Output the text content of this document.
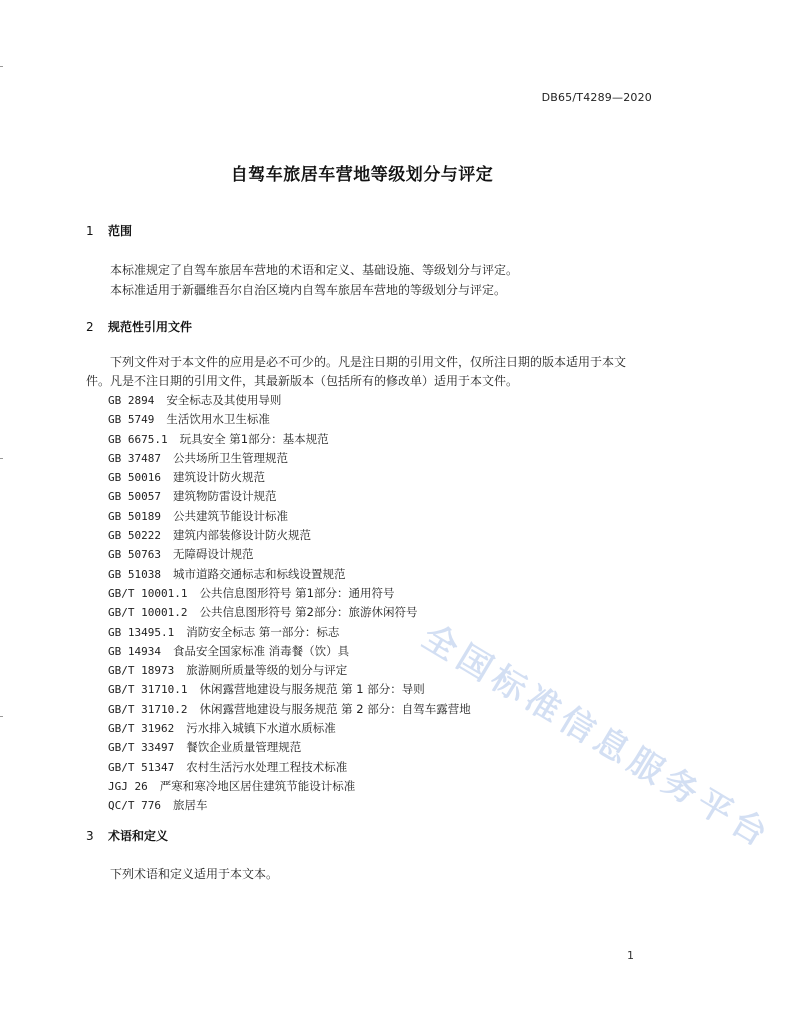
DB65/T4289—2020
自驾车旅居车营地等级划分与评定
1 范围
本标准规定了自驾车旅居车营地的术语和定义、基础设施、等级划分与评定。
本标准适用于新疆维吾尔自治区境内自驾车旅居车营地的等级划分与评定。
2 规范性引用文件
下列文件对于本文件的应用是必不可少的。凡是注日期的引用文件，仅所注日期的版本适用于本文
件。凡是不注日期的引用文件，其最新版本（包括所有的修改单）适用于本文件。
GB 2894 安全标志及其使用导则
GB 5749 生活饮用水卫生标准
GB 6675.1 玩具安全 第1部分：基本规范
GB 37487 公共场所卫生管理规范
GB 50016 建筑设计防火规范
GB 50057 建筑物防雷设计规范
GB 50189 公共建筑节能设计标准
GB 50222 建筑内部装修设计防火规范
GB 50763 无障碍设计规范
GB 51038 城市道路交通标志和标线设置规范
GB/T 10001.1 公共信息图形符号 第1部分：通用符号
GB/T 10001.2 公共信息图形符号 第2部分：旅游休闲符号
GB 13495.1 消防安全标志 第一部分：标志
GB 14934 食品安全国家标准 消毒餐（饮）具
GB/T 18973 旅游厕所质量等级的划分与评定
GB/T 31710.1 休闲露营地建设与服务规范 第 1 部分：导则
GB/T 31710.2 休闲露营地建设与服务规范 第 2 部分：自驾车露营地
GB/T 31962 污水排入城镇下水道水质标准
GB/T 33497 餐饮企业质量管理规范
GB/T 51347 农村生活污水处理工程技术标准
JGJ 26 严寒和寒冷地区居住建筑节能设计标准
QC/T 776 旅居车
3 术语和定义
下列术语和定义适用于本文本。
1
全国标准信息服务平台
